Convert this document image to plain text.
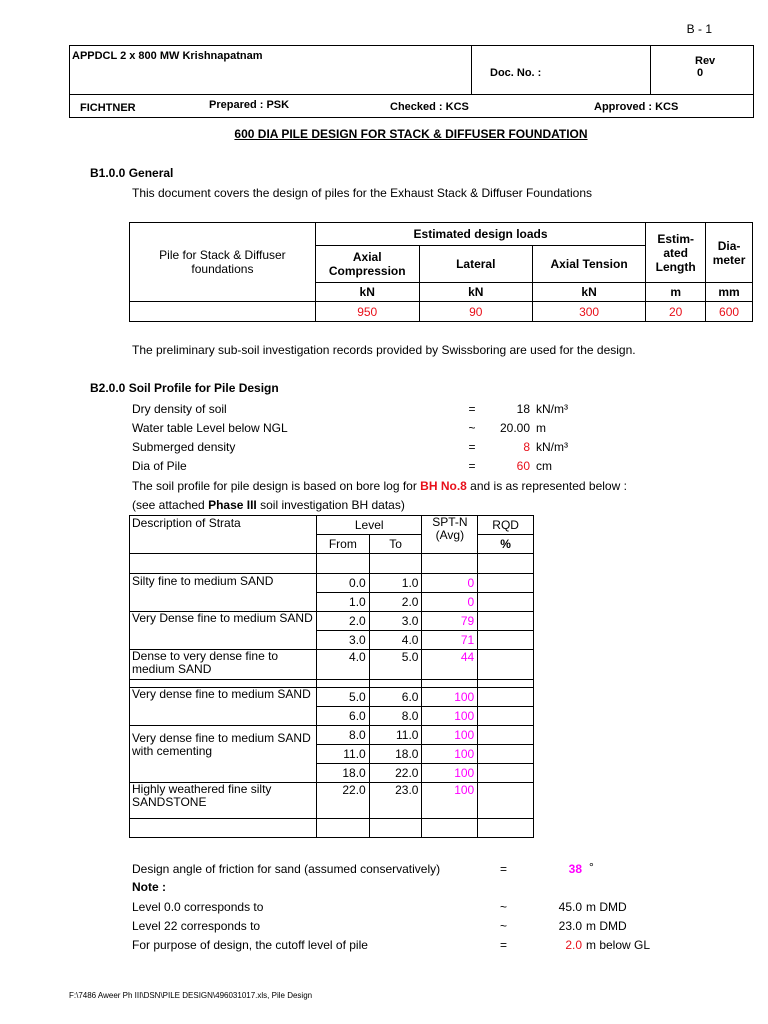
B - 1
APPDCL 2 x 800 MW Krishnapatnam
Doc. No. :
Rev
0
FICHTNER	Prepared : PSK	Checked : KCS	Approved : KCS
600 DIA PILE DESIGN FOR STACK & DIFFUSER FOUNDATION
B1.0.0 General
This document covers the design of piles for the Exhaust Stack & Diffuser Foundations
Pile for Stack & Diffuser foundations	Estimated design loads			Estim- ated Length	Dia- meter
	Axial Compression	Lateral	Axial Tension		
	kN	kN	kN	m	mm
	950	90	300	20	600
The preliminary sub-soil investigation records provided by Swissboring are used for the design.
B2.0.0 Soil Profile for Pile Design
Dry density of soil	=	18 kN/m³
Water table Level below NGL	~ 20.00 m
Submerged density	=	8 kN/m³
Dia of Pile	=	60 cm
The soil profile for pile design is based on bore log for BH No.8 and is as represented below :
(see attached Phase III soil investigation BH datas)
Description of Strata	Level		SPT-N (Avg)	RQD
	From	To		%

Silty fine to medium SAND	0.0	1.0	0	
	1.0	2.0	0	
Very Dense fine to medium SAND	2.0	3.0	79	
	3.0	4.0	71	
Dense to very dense fine to medium SAND	4.0	5.0	44	

Very dense fine to medium SAND	5.0	6.0	100	
	6.0	8.0	100	
Very dense fine to medium SAND with cementing	8.0	11.0	100	
	11.0	18.0	100	
	18.0	22.0	100	
Highly weathered fine silty SANDSTONE	22.0	23.0	100	

Design angle of friction for sand (assumed conservatively)	=	38 °
Note :
Level 0.0 corresponds to	~	45.0 m DMD
Level 22 corresponds to	~	23.0 m DMD
For purpose of design, the cutoff level of pile	=	2.0 m below GL
F:\7486 Aweer Ph III\DSN\PILE DESIGN\496031017.xls, Pile Design
